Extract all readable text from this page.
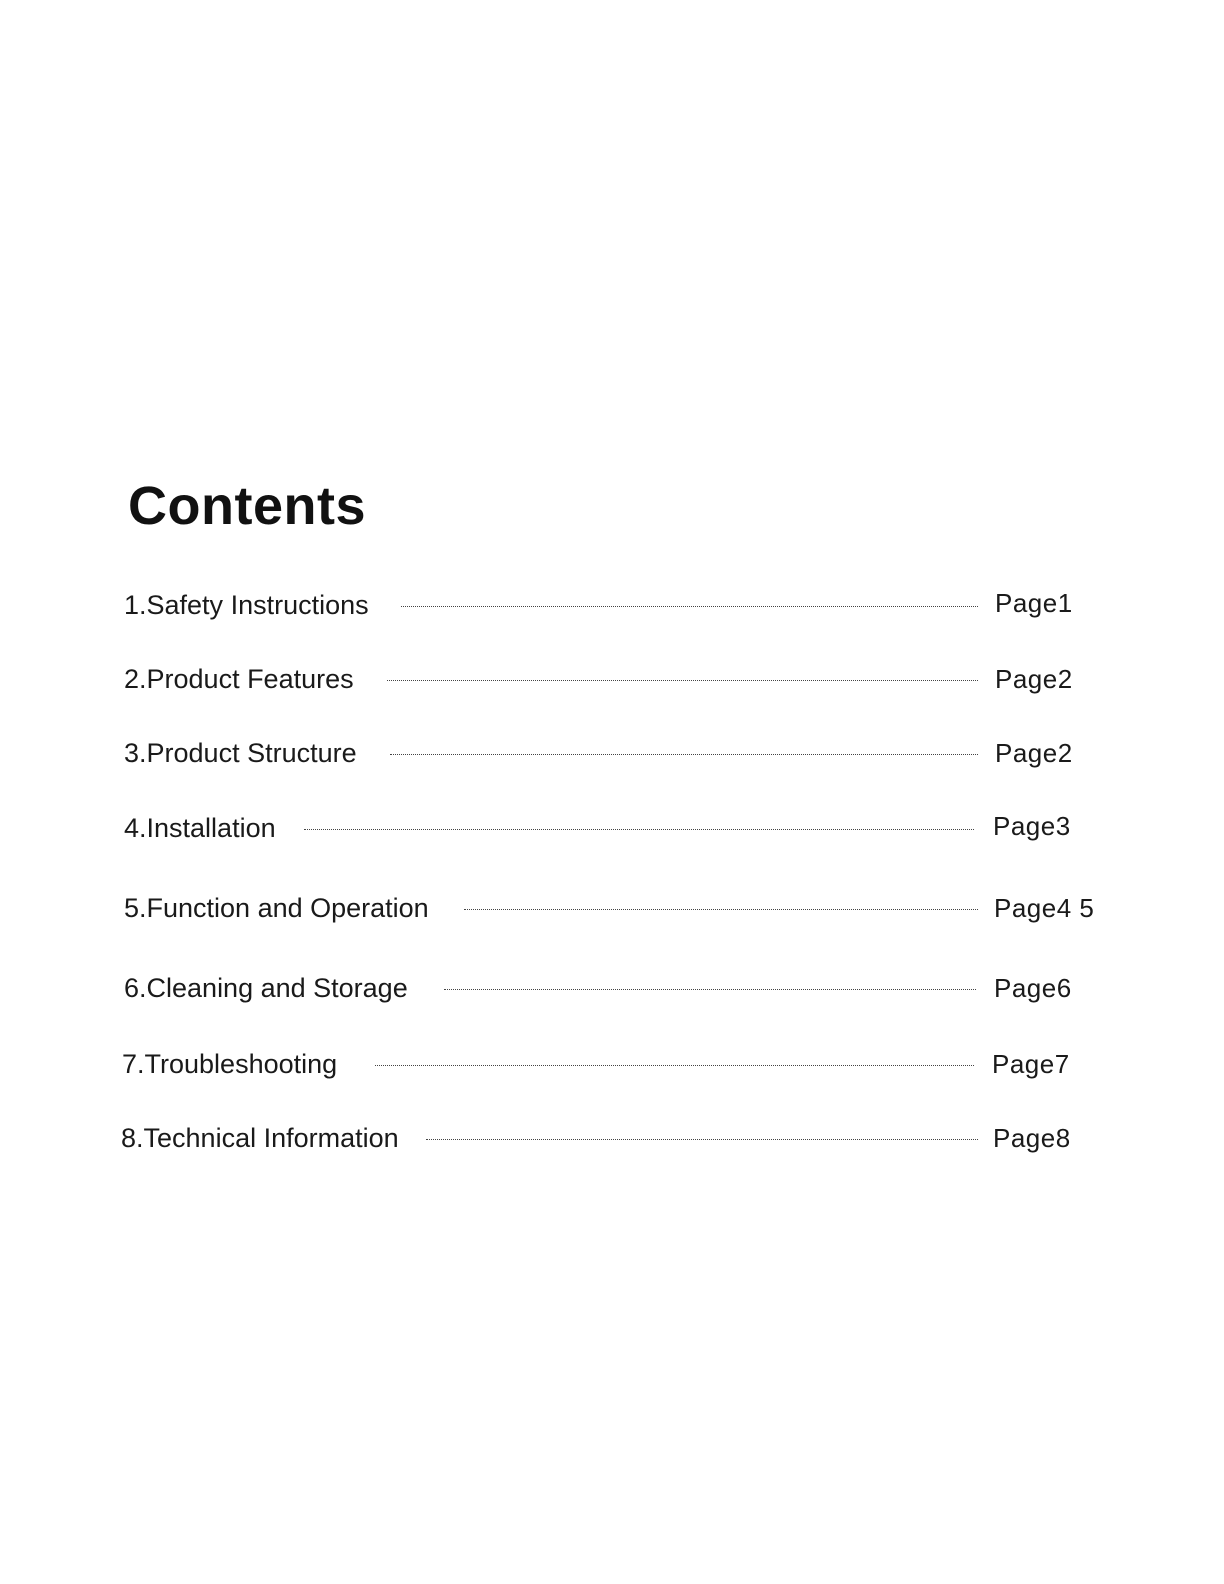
Contents
1.Safety Instructions	Page1
2.Product Features	Page2
3.Product Structure	Page2
4.Installation	Page3
5.Function and Operation	Page4 5
6.Cleaning and Storage	Page6
7.Troubleshooting	Page7
8.Technical Information	Page8
